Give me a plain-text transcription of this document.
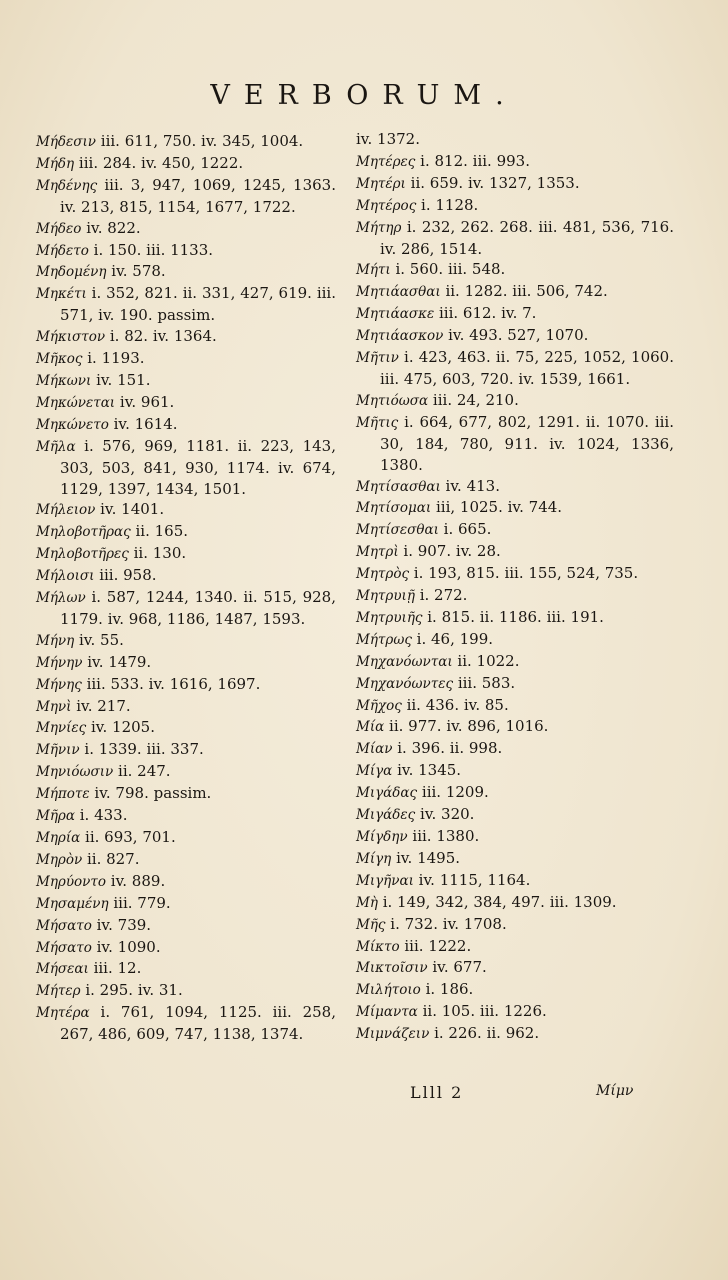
VERBORUM.
Μήδεσιν iii. 611, 750. iv. 345, 1004.
Μήδη iii. 284. iv. 450, 1222.
Μηδένης iii. 3, 947, 1069, 1245, 1363. iv. 213, 815, 1154, 1677, 1722.
Μήδεο iv. 822.
Μήδετο i. 150. iii. 1133.
Μηδομένη iv. 578.
Μηκέτι i. 352, 821. ii. 331, 427, 619. iii. 571, iv. 190. passim.
Μήκιστον i. 82. iv. 1364.
Μῆκος i. 1193.
Μήκωνι iv. 151.
Μηκώνεται iv. 961.
Μηκώνετο iv. 1614.
Μῆλα i. 576, 969, 1181. ii. 223, 143, 303, 503, 841, 930, 1174. iv. 674, 1129, 1397, 1434, 1501.
Μήλειον iv. 1401.
Μηλοβοτῆρας ii. 165.
Μηλοβοτῆρες ii. 130.
Μήλοισι iii. 958.
Μήλων i. 587, 1244, 1340. ii. 515, 928, 1179. iv. 968, 1186, 1487, 1593.
Μήνη iv. 55.
Μήνην iv. 1479.
Μήνης iii. 533. iv. 1616, 1697.
Μηνὶ iv. 217.
Μηνίες iv. 1205.
Μῆνιν i. 1339. iii. 337.
Μηνιόωσιν ii. 247.
Μήποτε iv. 798. passim.
Μῆρα i. 433.
Μηρία ii. 693, 701.
Μηρὸν ii. 827.
Μηρύοντο iv. 889.
Μησαμένη iii. 779.
Μήσατο iv. 739.
Μήσατο iv. 1090.
Μήσεαι iii. 12.
Μήτερ i. 295. iv. 31.
Μητέρα i. 761, 1094, 1125. iii. 258, 267, 486, 609, 747, 1138, 1374.
iv. 1372.
Μητέρες i. 812. iii. 993.
Μητέρι ii. 659. iv. 1327, 1353.
Μητέρος i. 1128.
Μήτηρ i. 232, 262. 268. iii. 481, 536, 716. iv. 286, 1514.
Μήτι i. 560. iii. 548.
Μητιάασθαι ii. 1282. iii. 506, 742.
Μητιάασκε iii. 612. iv. 7.
Μητιάασκον iv. 493. 527, 1070.
Μῆτιν i. 423, 463. ii. 75, 225, 1052, 1060. iii. 475, 603, 720. iv. 1539, 1661.
Μητιόωσα iii. 24, 210.
Μῆτις i. 664, 677, 802, 1291. ii. 1070. iii. 30, 184, 780, 911. iv. 1024, 1336, 1380.
Μητίσασθαι iv. 413.
Μητίσομαι iii, 1025. iv. 744.
Μητίσεσθαι i. 665.
Μητρὶ i. 907. iv. 28.
Μητρὸς i. 193, 815. iii. 155, 524, 735.
Μητρυιῇ i. 272.
Μητρυιῆς i. 815. ii. 1186. iii. 191.
Μήτρως i. 46, 199.
Μηχανόωνται ii. 1022.
Μηχανόωντες iii. 583.
Μῆχος ii. 436. iv. 85.
Μία ii. 977. iv. 896, 1016.
Μίαν i. 396. ii. 998.
Μίγα iv. 1345.
Μιγάδας iii. 1209.
Μιγάδες iv. 320.
Μίγδην iii. 1380.
Μίγη iv. 1495.
Μιγῆναι iv. 1115, 1164.
Μὴ i. 149, 342, 384, 497. iii. 1309.
Μῆς i. 732. iv. 1708.
Μίκτο iii. 1222.
Μικτοῖσιν iv. 677.
Μιλήτοιο i. 186.
Μίμαντα ii. 105. iii. 1226.
Μιμνάζειν i. 226. ii. 962.
Llll 2	Μίμν
